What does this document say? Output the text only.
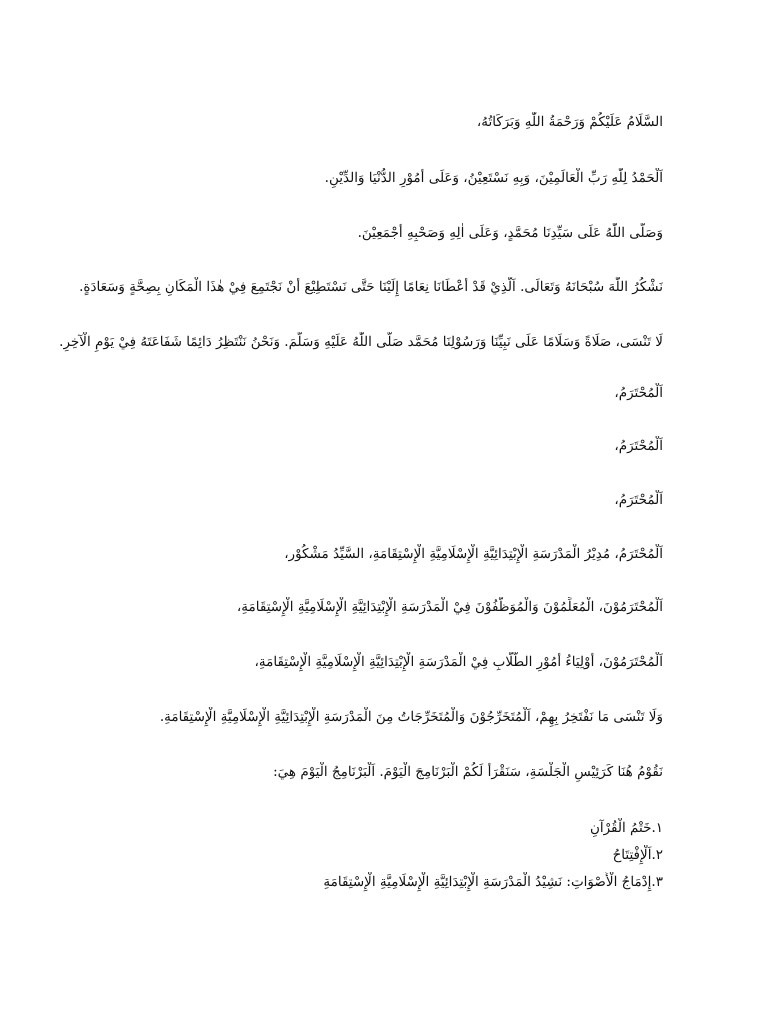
السَّلَامُ عَلَيْكُمْ وَرَحْمَةُ اللّٰهِ وَبَرَكَاتُهُ،
اَلْحَمْدُ لِلّٰهِ رَبِّ الْعَالَمِيْنَ، وَبِهِ نَسْتَعِيْنُ، وَعَلَى أُمُوْرِ الدُّنْيَا وَالدِّيْنِ.
وَصَلَّى اللّٰهُ عَلَى سَيِّدِنَا مُحَمَّدٍ، وَعَلَى اٰلِهِ وَصَحْبِهِ أَجْمَعِيْنَ.
نَشْكُرُ اللّٰهَ سُبْحَانَهُ وَتَعَالَى. اَلَّذِيْ قَدْ أَعْطَانَا نِعَامًا إِلَيْنَا حَتَّى نَسْتَطِيْعَ أَنْ نَجْتَمِعَ فِيْ هٰذَا الْمَكَانِ بِصِحَّةٍ وَسَعَادَةٍ.
لَا تَنْسَى، صَلَاةً وَسَلَامًا عَلَى نَبِيِّنَا وَرَسُوْلِنَا مُحَمَّد صَلَّى اللّٰهُ عَلَيْهِ وَسَلَّمَ. وَنَحْنُ نَنْتَظِرُ دَائِمًا شَفَاعَتَهُ فِيْ يَوْمِ الْآخِرِ.
اَلْمُحْتَرَمُ،
اَلْمُحْتَرَمُ،
اَلْمُحْتَرَمُ،
اَلْمُحْتَرَمُ، مُدِيْرُ الْمَدْرَسَةِ الْإِبْتِدَائِيَّةِ الْإِسْلَامِيَّةِ الْإِسْتِقَامَةِ، السَّيِّدُ مَشْكُوْر،
اَلْمُحْتَرَمُوْنَ، الْمُعَلِّمُوْنَ وَالْمُوَظَّفُوْنَ فِيْ الْمَدْرَسَةِ الْإِبْتِدَائِيَّةِ الْإِسْلَامِيَّةِ الْإِسْتِقَامَةِ،
اَلْمُحْتَرَمُوْنَ، أَوْلِيَاءُ أُمُوْرِ الطُّلَّابِ فِيْ الْمَدْرَسَةِ الْإِبْتِدَائِيَّةِ الْإِسْلَامِيَّةِ الْإِسْتِقَامَةِ،
وَلَا تَنْسَى مَا نَفْتَخِرُ بِهِمْ، اَلْمُتَخَرِّجُوْنَ وَالْمُتَخَرِّجَاتُ مِنَ الْمَدْرَسَةِ الْإِبْتِدَائِيَّةِ الْإِسْلَامِيَّةِ الْإِسْتِقَامَةِ.
نَقُوْمُ هُنَا كَرَئِيْسِ الْجَلْسَةِ، سَنَقْرَأُ لَكُمْ الْبَرْنَامِجَ الْيَوْمَ. اَلْبَرْنَامِجُ الْيَوْمَ هِيَ:
١.خَتْمُ الْقُرْآنِ
٢.اَلْإِفْتِتَاحُ
٣.إِدْمَاجُ الْأَصْوَاتِ: نَشِيْدُ الْمَدْرَسَةِ الْإِبْتِدَائِيَّةِ الْإِسْلَامِيَّةِ الْإِسْتِقَامَةِ
